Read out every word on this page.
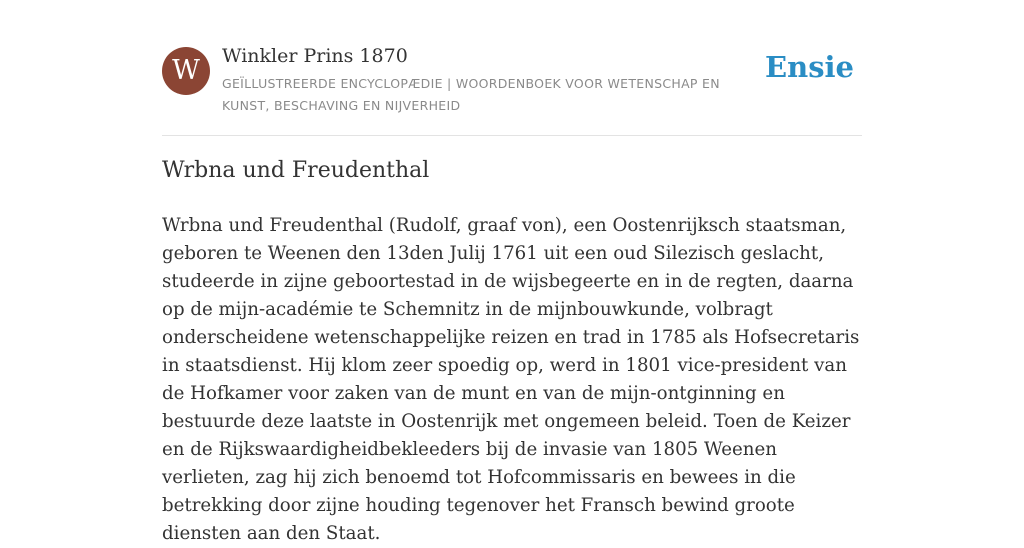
W	Winkler Prins 1870
GEÏLLUSTREERDE ENCYCLOPÆDIE | WOORDENBOEK VOOR WETENSCHAP EN KUNST, BESCHAVING EN NIJVERHEID
Ensie
Wrbna und Freudenthal

Wrbna und Freudenthal (Rudolf, graaf von), een Oostenrijksch staatsman, geboren te Weenen den 13den Julij 1761 uit een oud Silezisch geslacht, studeerde in zijne geboortestad in de wijsbegeerte en in de regten, daarna op de mijn-académie te Schemnitz in de mijnbouwkunde, volbragt onderscheidene wetenschappelijke reizen en trad in 1785 als Hofsecretaris in staatsdienst. Hij klom zeer spoedig op, werd in 1801 vice-president van de Hofkamer voor zaken van de munt en van de mijn-ontginning en bestuurde deze laatste in Oostenrijk met ongemeen beleid. Toen de Keizer en de Rijkswaardigheidbekleeders bij de invasie van 1805 Weenen verlieten, zag hij zich benoemd tot Hofcommissaris en bewees in die betrekking door zijne houding tegenover het Fransch bewind groote diensten aan den Staat.
